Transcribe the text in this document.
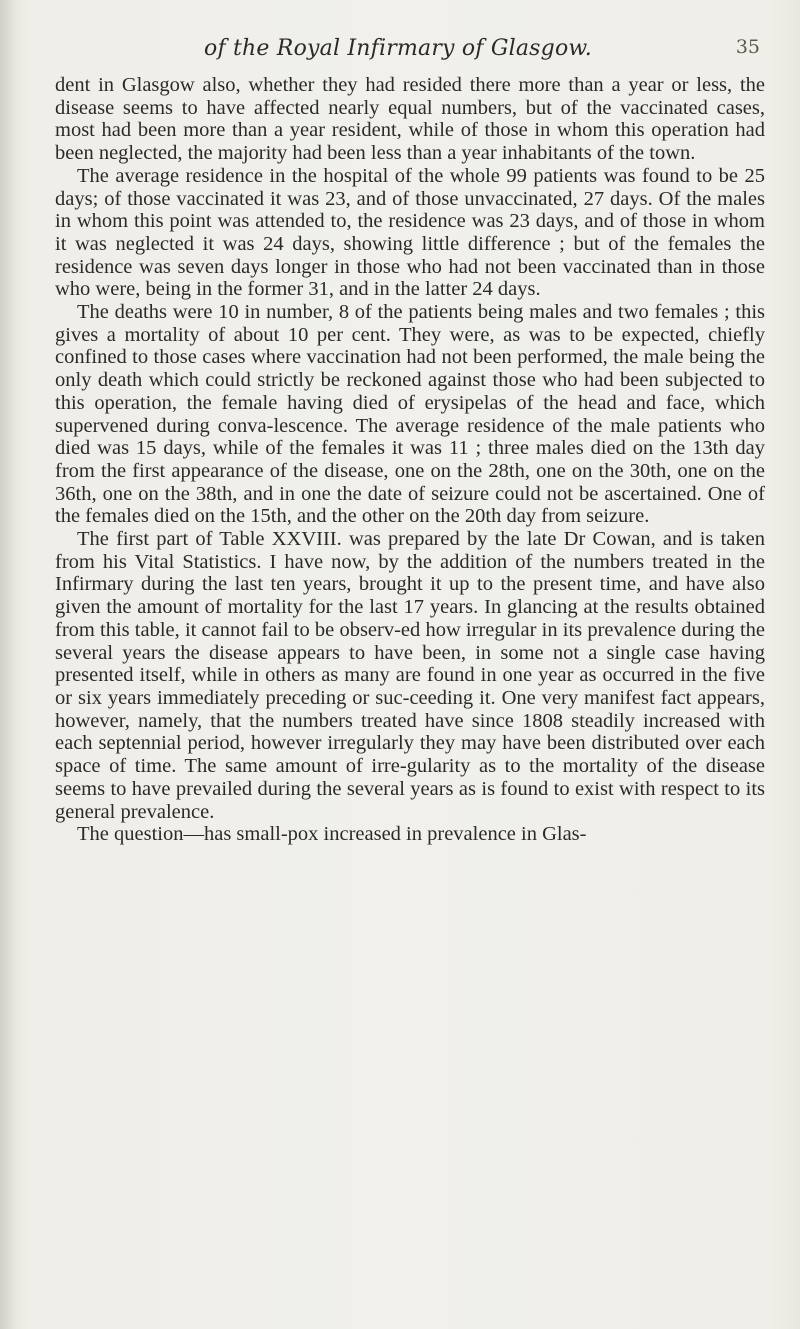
of the Royal Infirmary of Glasgow.	35

dent in Glasgow also, whether they had resided there more than a year or less, the disease seems to have affected nearly equal numbers, but of the vaccinated cases, most had been more than a year resident, while of those in whom this operation had been neglected, the majority had been less than a year inhabitants of the town.

The average residence in the hospital of the whole 99 patients was found to be 25 days; of those vaccinated it was 23, and of those unvaccinated, 27 days. Of the males in whom this point was attended to, the residence was 23 days, and of those in whom it was neglected it was 24 days, showing little difference ; but of the females the residence was seven days longer in those who had not been vaccinated than in those who were, being in the former 31, and in the latter 24 days.

The deaths were 10 in number, 8 of the patients being males and two females ; this gives a mortality of about 10 per cent. They were, as was to be expected, chiefly confined to those cases where vaccination had not been performed, the male being the only death which could strictly be reckoned against those who had been subjected to this operation, the female having died of erysipelas of the head and face, which supervened during conva-lescence. The average residence of the male patients who died was 15 days, while of the females it was 11 ; three males died on the 13th day from the first appearance of the disease, one on the 28th, one on the 30th, one on the 36th, one on the 38th, and in one the date of seizure could not be ascertained. One of the females died on the 15th, and the other on the 20th day from seizure.

The first part of Table XXVIII. was prepared by the late Dr Cowan, and is taken from his Vital Statistics. I have now, by the addition of the numbers treated in the Infirmary during the last ten years, brought it up to the present time, and have also given the amount of mortality for the last 17 years. In glancing at the results obtained from this table, it cannot fail to be observ-ed how irregular in its prevalence during the several years the disease appears to have been, in some not a single case having presented itself, while in others as many are found in one year as occurred in the five or six years immediately preceding or suc-ceeding it. One very manifest fact appears, however, namely, that the numbers treated have since 1808 steadily increased with each septennial period, however irregularly they may have been distributed over each space of time. The same amount of irre-gularity as to the mortality of the disease seems to have prevailed during the several years as is found to exist with respect to its general prevalence.

The question—has small-pox increased in prevalence in Glas-
